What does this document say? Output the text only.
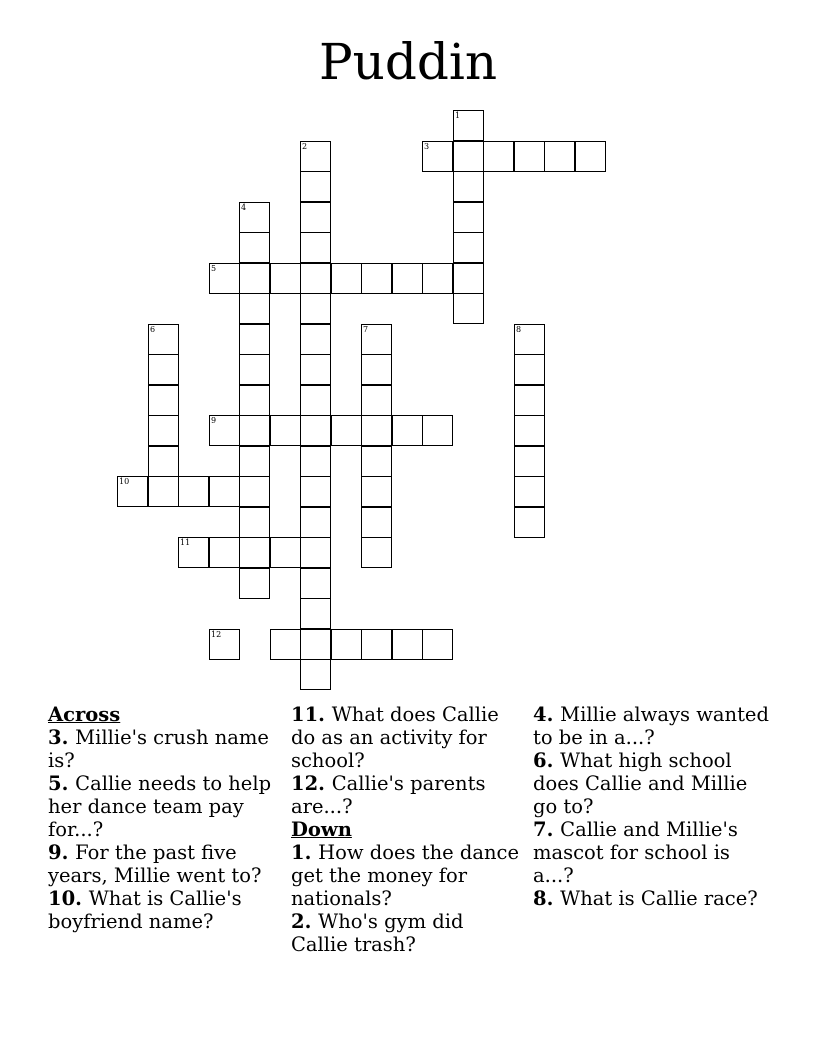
Puddin
1
3
2
4
5
6	7	8
9
10
11
12
Across
3. Millie's crush name is?
5. Callie needs to help her dance team pay for...?
9. For the past five years, Millie went to?
10. What is Callie's boyfriend name?
11. What does Callie do as an activity for school?
12. Callie's parents are...?
Down
1. How does the dance get the money for nationals?
2. Who's gym did Callie trash?
4. Millie always wanted to be in a...?
6. What high school does Callie and Millie go to?
7. Callie and Millie's mascot for school is a...?
8. What is Callie race?
